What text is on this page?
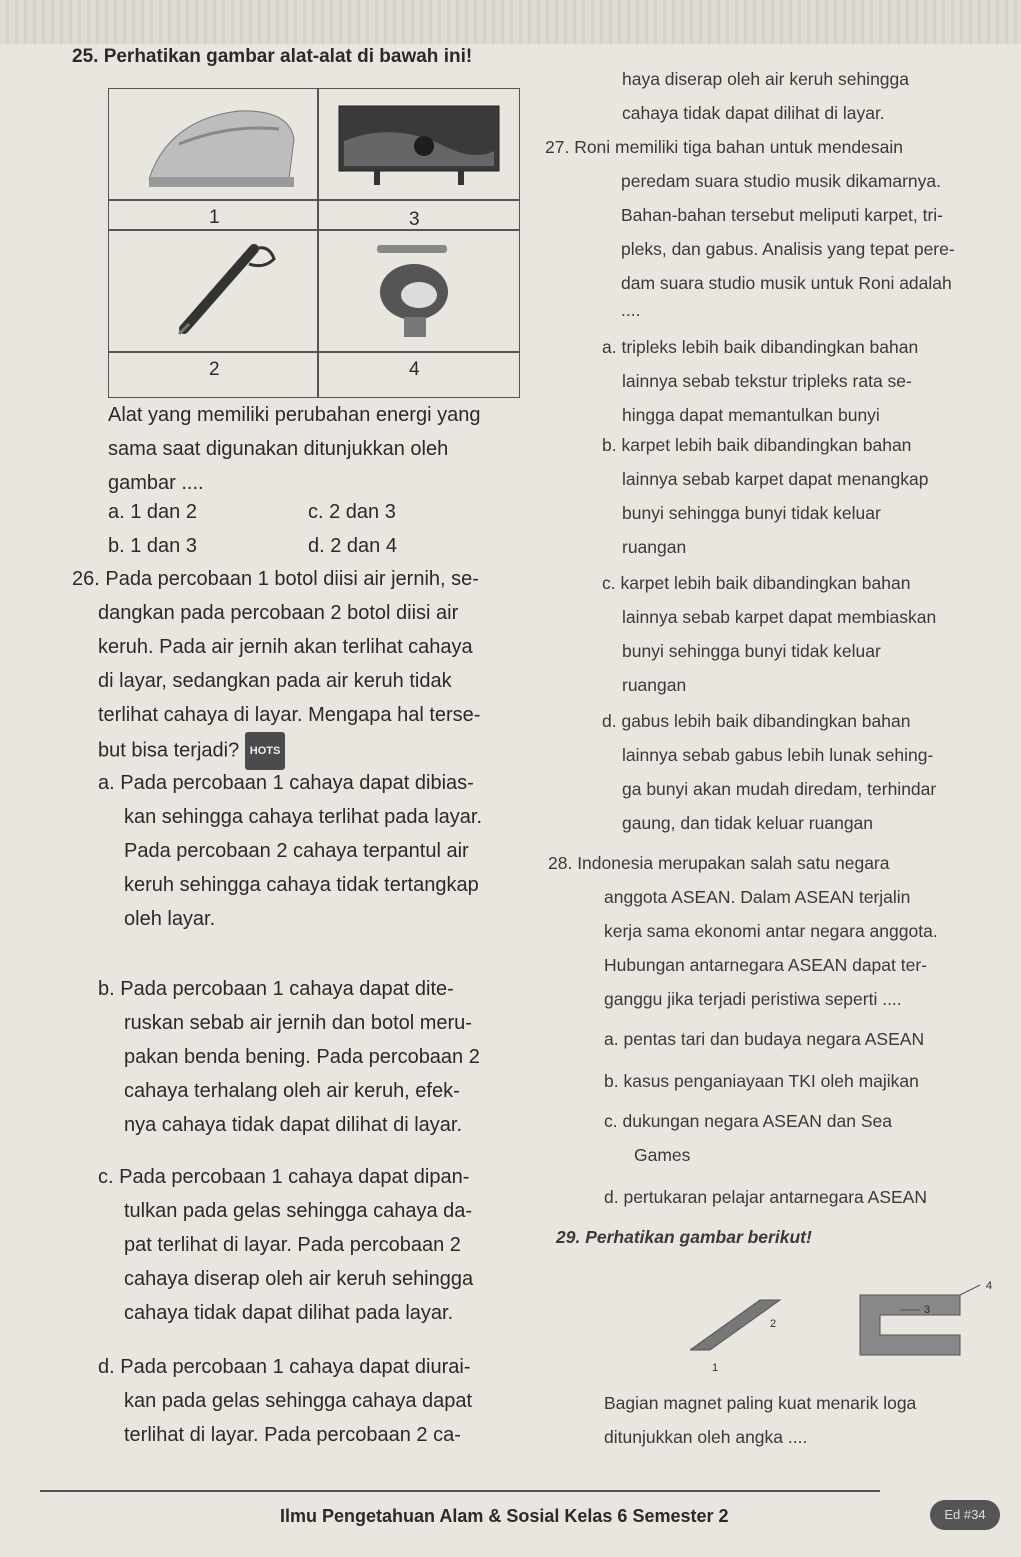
25. Perhatikan gambar alat-alat di bawah ini!
1	3
2	4
Alat yang memiliki perubahan energi yang
sama saat digunakan ditunjukkan oleh
gambar ....
a. 1 dan 2	c. 2 dan 3
b. 1 dan 3	d. 2 dan 4
26. Pada percobaan 1 botol diisi air jernih, se-
dangkan pada percobaan 2 botol diisi air
keruh. Pada air jernih akan terlihat cahaya
di layar, sedangkan pada air keruh tidak
terlihat cahaya di layar. Mengapa hal terse-
but bisa terjadi? HOTS
a. Pada percobaan 1 cahaya dapat dibias-
kan sehingga cahaya terlihat pada layar.
Pada percobaan 2 cahaya terpantul air
keruh sehingga cahaya tidak tertangkap
oleh layar.
b. Pada percobaan 1 cahaya dapat dite-
ruskan sebab air jernih dan botol meru-
pakan benda bening. Pada percobaan 2
cahaya terhalang oleh air keruh, efek-
nya cahaya tidak dapat dilihat di layar.
c. Pada percobaan 1 cahaya dapat dipan-
tulkan pada gelas sehingga cahaya da-
pat terlihat di layar. Pada percobaan 2
cahaya diserap oleh air keruh sehingga
cahaya tidak dapat dilihat pada layar.
d. Pada percobaan 1 cahaya dapat diurai-
kan pada gelas sehingga cahaya dapat
terlihat di layar. Pada percobaan 2 ca-
haya diserap oleh air keruh sehingga
cahaya tidak dapat dilihat di layar.
27. Roni memiliki tiga bahan untuk mendesain
peredam suara studio musik dikamarnya.
Bahan-bahan tersebut meliputi karpet, tri-
pleks, dan gabus. Analisis yang tepat pere-
dam suara studio musik untuk Roni adalah
....
a. tripleks lebih baik dibandingkan bahan
lainnya sebab tekstur tripleks rata se-
hingga dapat memantulkan bunyi
b. karpet lebih baik dibandingkan bahan
lainnya sebab karpet dapat menangkap
bunyi sehingga bunyi tidak keluar
ruangan
c. karpet lebih baik dibandingkan bahan
lainnya sebab karpet dapat membiaskan
bunyi sehingga bunyi tidak keluar
ruangan
d. gabus lebih baik dibandingkan bahan
lainnya sebab gabus lebih lunak sehing-
ga bunyi akan mudah diredam, terhindar
gaung, dan tidak keluar ruangan
28. Indonesia merupakan salah satu negara
anggota ASEAN. Dalam ASEAN terjalin
kerja sama ekonomi antar negara anggota.
Hubungan antarnegara ASEAN dapat ter-
ganggu jika terjadi peristiwa seperti ....
a. pentas tari dan budaya negara ASEAN
b. kasus penganiayaan TKI oleh majikan
c. dukungan negara ASEAN dan Sea
Games
d. pertukaran pelajar antarnegara ASEAN
29. Perhatikan gambar berikut!
1
2
3
4
Bagian magnet paling kuat menarik loga
ditunjukkan oleh angka ....
Ilmu Pengetahuan Alam & Sosial Kelas 6 Semester 2	Ed #34
